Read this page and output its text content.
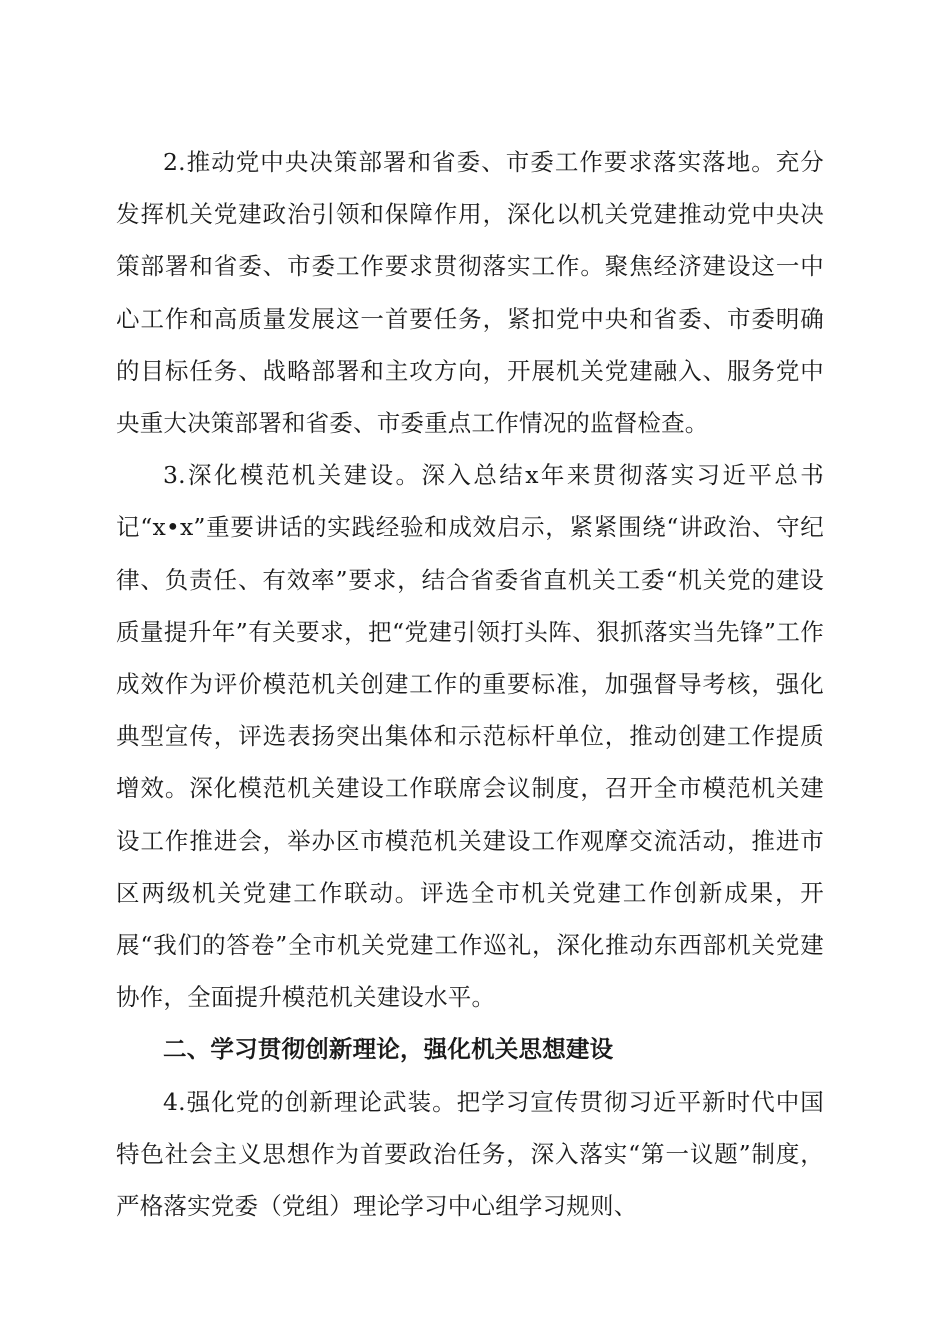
2.推动党中央决策部署和省委、市委工作要求落实落地。充分发挥机关党建政治引领和保障作用，深化以机关党建推动党中央决策部署和省委、市委工作要求贯彻落实工作。聚焦经济建设这一中心工作和高质量发展这一首要任务，紧扣党中央和省委、市委明确的目标任务、战略部署和主攻方向，开展机关党建融入、服务党中央重大决策部署和省委、市委重点工作情况的监督检查。

3.深化模范机关建设。深入总结x年来贯彻落实习近平总书记“x•x”重要讲话的实践经验和成效启示，紧紧围绕“讲政治、守纪律、负责任、有效率”要求，结合省委省直机关工委“机关党的建设质量提升年”有关要求，把“党建引领打头阵、狠抓落实当先锋”工作成效作为评价模范机关创建工作的重要标准，加强督导考核，强化典型宣传，评选表扬突出集体和示范标杆单位，推动创建工作提质增效。深化模范机关建设工作联席会议制度，召开全市模范机关建设工作推进会，举办区市模范机关建设工作观摩交流活动，推进市区两级机关党建工作联动。评选全市机关党建工作创新成果，开展“我们的答卷”全市机关党建工作巡礼，深化推动东西部机关党建协作，全面提升模范机关建设水平。

二、学习贯彻创新理论，强化机关思想建设

4.强化党的创新理论武装。把学习宣传贯彻习近平新时代中国特色社会主义思想作为首要政治任务，深入落实“第一议题”制度，严格落实党委（党组）理论学习中心组学习规则、
